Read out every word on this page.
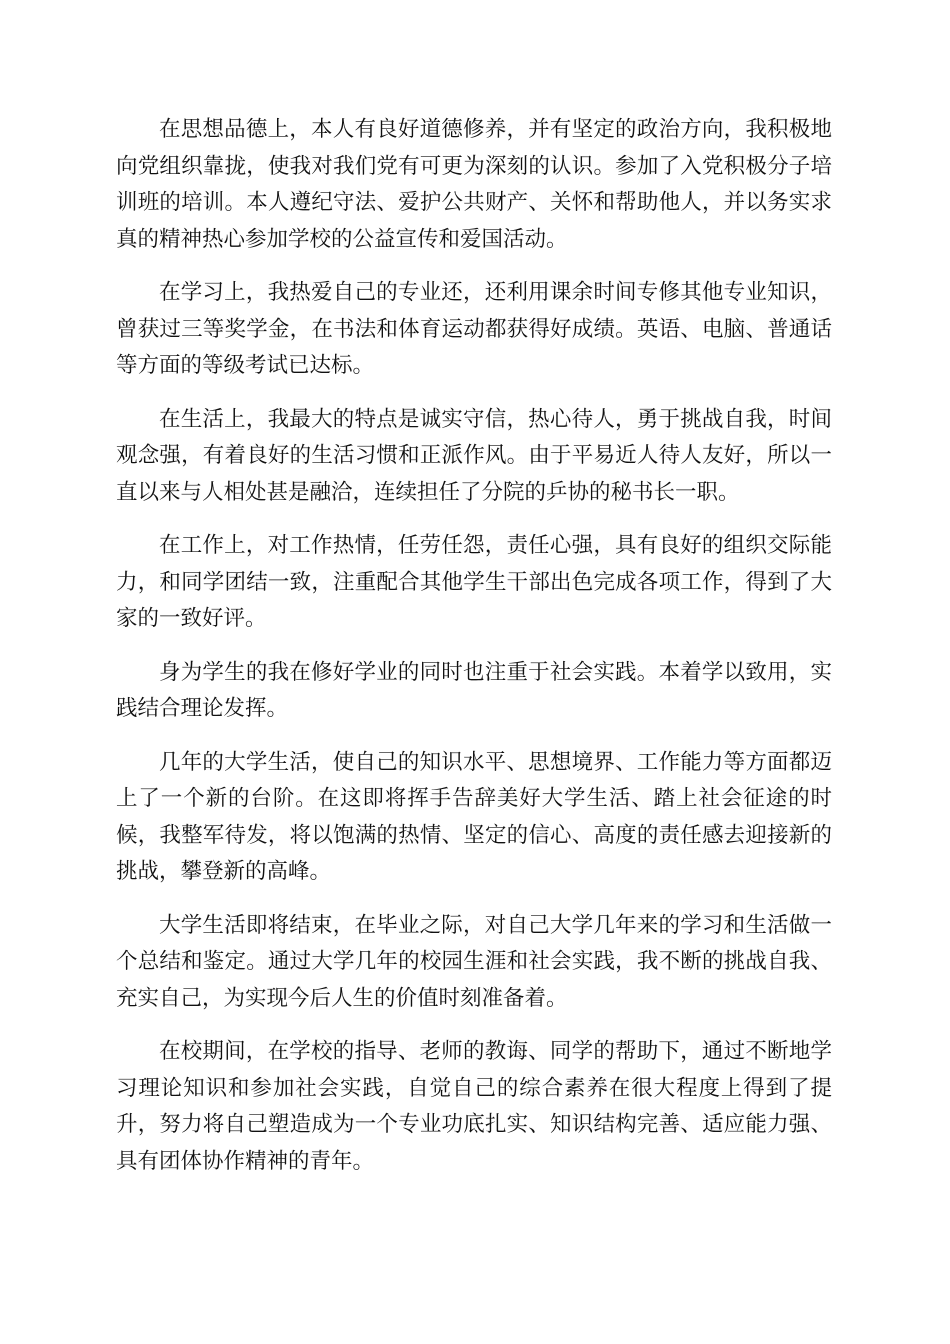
在思想品德上，本人有良好道德修养，并有坚定的政治方向，我积极地向党组织靠拢，使我对我们党有可更为深刻的认识。参加了入党积极分子培训班的培训。本人遵纪守法、爱护公共财产、关怀和帮助他人，并以务实求真的精神热心参加学校的公益宣传和爱国活动。

在学习上，我热爱自己的专业还，还利用课余时间专修其他专业知识，曾获过三等奖学金，在书法和体育运动都获得好成绩。英语、电脑、普通话等方面的等级考试已达标。

在生活上，我最大的特点是诚实守信，热心待人，勇于挑战自我，时间观念强，有着良好的生活习惯和正派作风。由于平易近人待人友好，所以一直以来与人相处甚是融洽，连续担任了分院的乒协的秘书长一职。

在工作上，对工作热情，任劳任怨，责任心强，具有良好的组织交际能力，和同学团结一致，注重配合其他学生干部出色完成各项工作，得到了大家的一致好评。

身为学生的我在修好学业的同时也注重于社会实践。本着学以致用，实践结合理论发挥。

几年的大学生活，使自己的知识水平、思想境界、工作能力等方面都迈上了一个新的台阶。在这即将挥手告辞美好大学生活、踏上社会征途的时候，我整军待发，将以饱满的热情、坚定的信心、高度的责任感去迎接新的挑战，攀登新的高峰。

大学生活即将结束，在毕业之际，对自己大学几年来的学习和生活做一个总结和鉴定。通过大学几年的校园生涯和社会实践，我不断的挑战自我、充实自己，为实现今后人生的价值时刻准备着。

在校期间，在学校的指导、老师的教诲、同学的帮助下，通过不断地学习理论知识和参加社会实践，自觉自己的综合素养在很大程度上得到了提升，努力将自己塑造成为一个专业功底扎实、知识结构完善、适应能力强、具有团体协作精神的青年。
